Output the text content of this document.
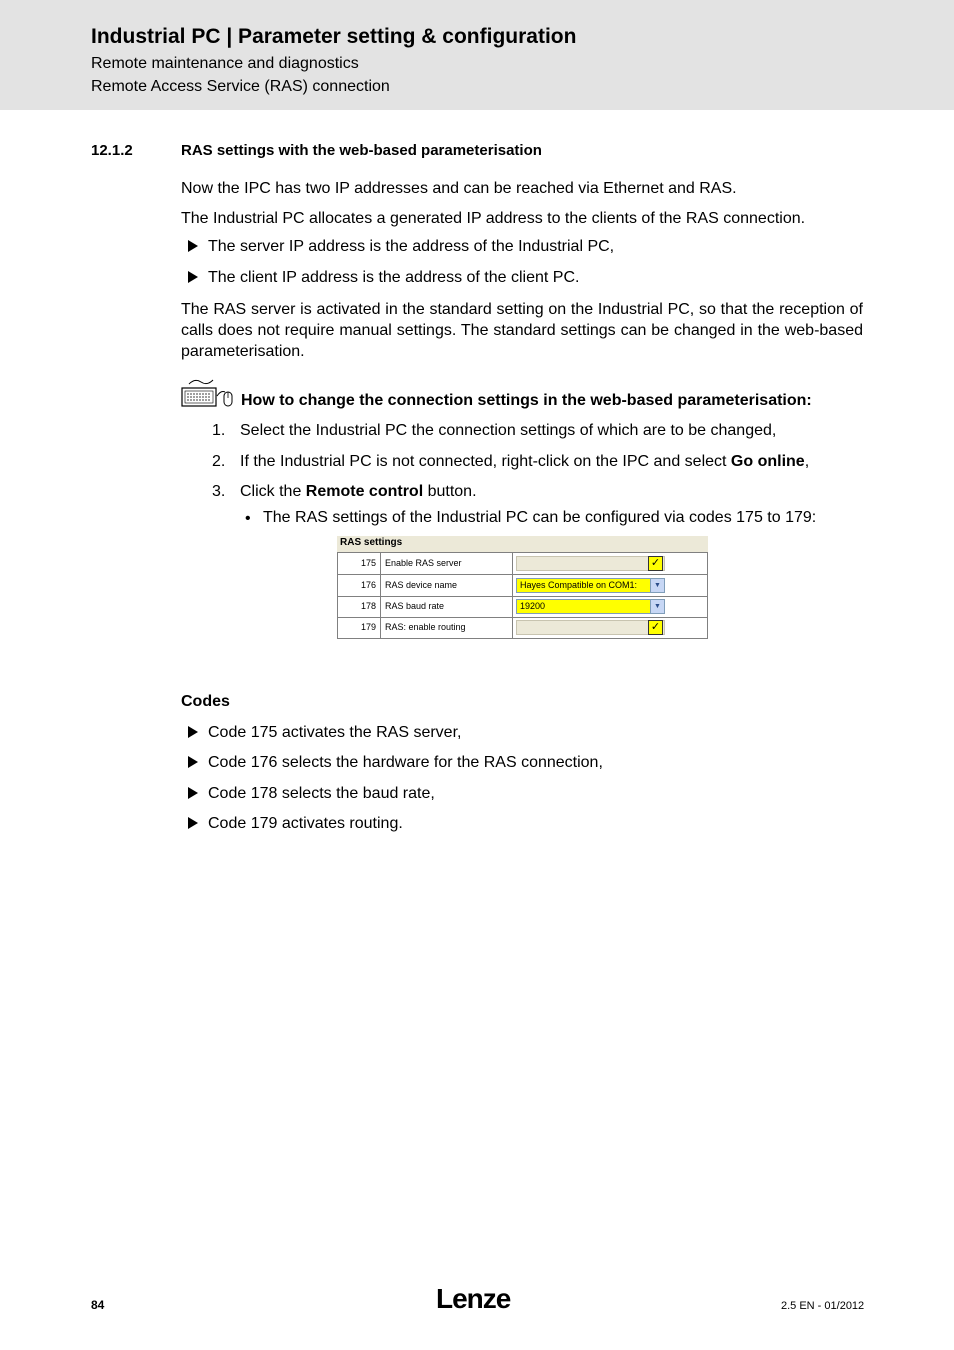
Industrial PC | Parameter setting & configuration
Remote maintenance and diagnostics
Remote Access Service (RAS) connection
12.1.2	RAS settings with the web-based parameterisation
Now the IPC has two IP addresses and can be reached via Ethernet and RAS.
The Industrial PC allocates a generated IP address to the clients of the RAS connection.
The server IP address is the address of the Industrial PC,
The client IP address is the address of the client PC.
The RAS server is activated in the standard setting on the Industrial PC, so that the reception of calls does not require manual settings. The standard settings can be changed in the web-based parameterisation.
How to change the connection settings in the web-based parameterisation:
1. Select the Industrial PC the connection settings of which are to be changed,
2. If the Industrial PC is not connected, right-click on the IPC and select Go online,
3. Click the Remote control button.
• The RAS settings of the Industrial PC can be configured via codes 175 to 179:
RAS settings
175	Enable RAS server	✓
176	RAS device name	Hayes Compatible on COM1:	▼
178	RAS baud rate	19200	▼
179	RAS: enable routing	✓
Codes
Code 175 activates the RAS server,
Code 176 selects the hardware for the RAS connection,
Code 178 selects the baud rate,
Code 179 activates routing.
84	Lenze	2.5 EN - 01/2012
